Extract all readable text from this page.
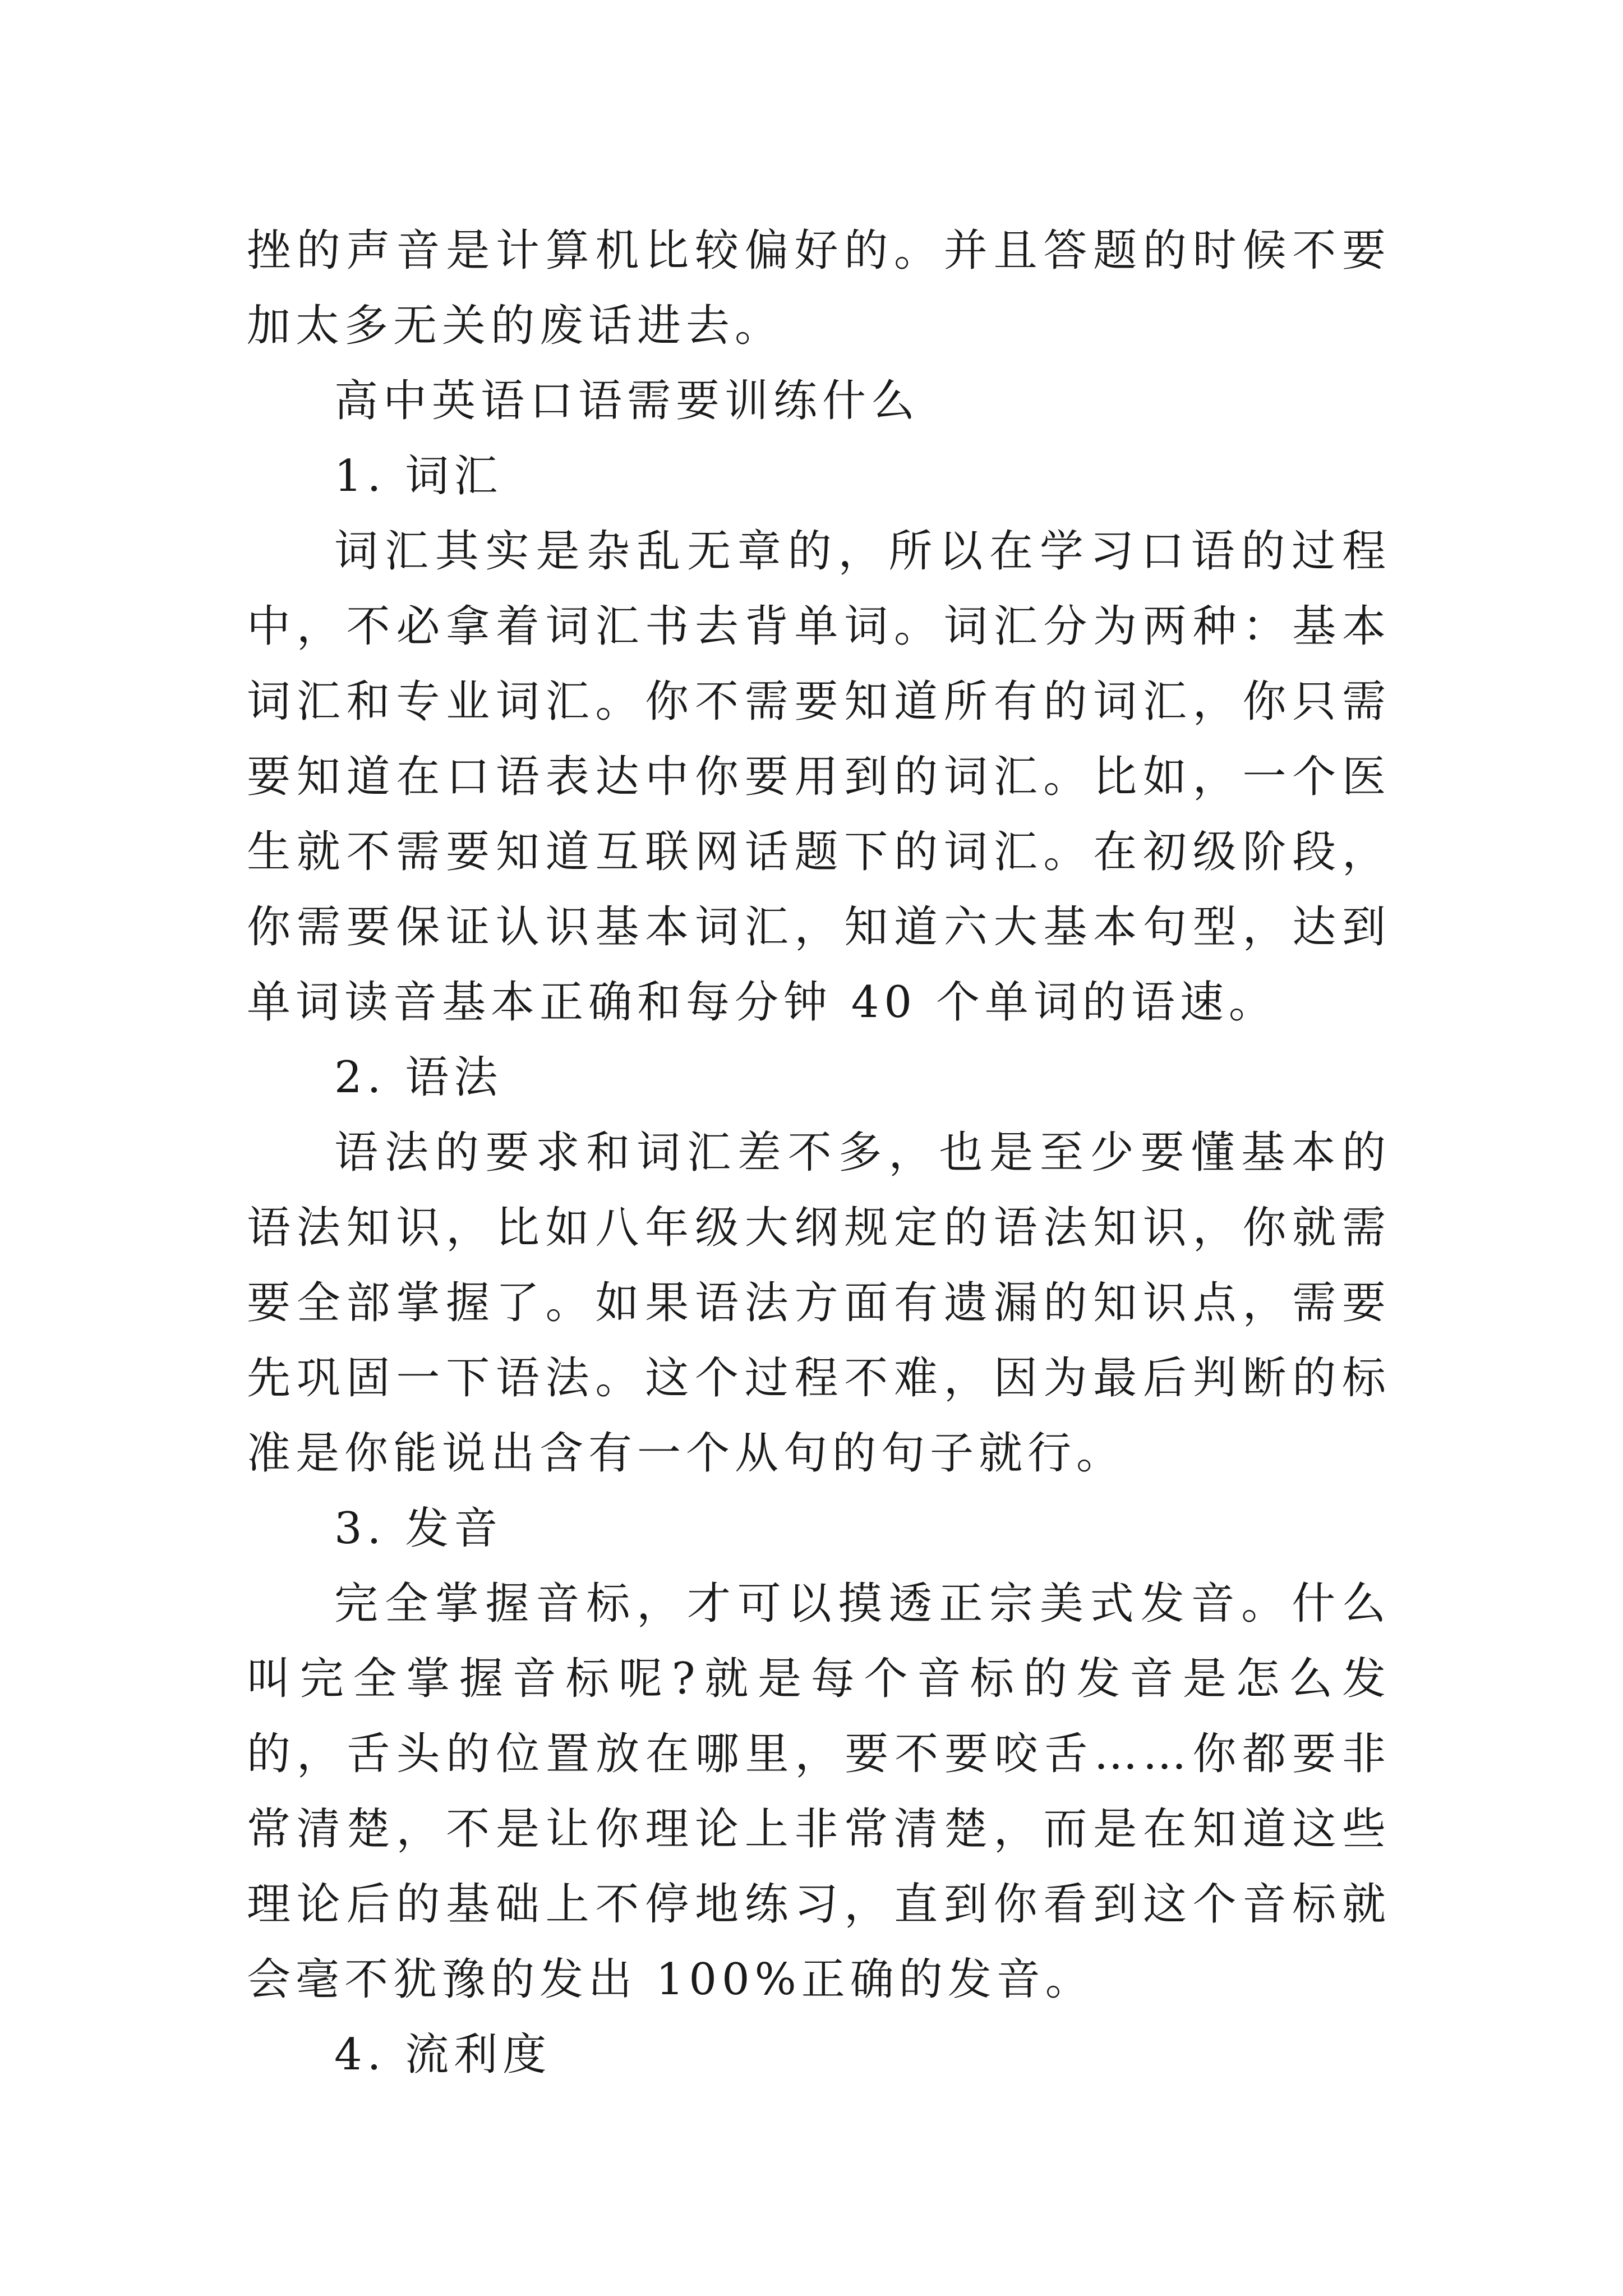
挫的声音是计算机比较偏好的。并且答题的时候不要加太多无关的废话进去。

高中英语口语需要训练什么

1. 词汇

词汇其实是杂乱无章的，所以在学习口语的过程中，不必拿着词汇书去背单词。词汇分为两种：基本词汇和专业词汇。你不需要知道所有的词汇，你只需要知道在口语表达中你要用到的词汇。比如，一个医生就不需要知道互联网话题下的词汇。在初级阶段，你需要保证认识基本词汇，知道六大基本句型，达到单词读音基本正确和每分钟 40 个单词的语速。

2. 语法

语法的要求和词汇差不多，也是至少要懂基本的语法知识，比如八年级大纲规定的语法知识，你就需要全部掌握了。如果语法方面有遗漏的知识点，需要先巩固一下语法。这个过程不难，因为最后判断的标准是你能说出含有一个从句的句子就行。

3. 发音

完全掌握音标，才可以摸透正宗美式发音。什么叫完全掌握音标呢?就是每个音标的发音是怎么发的，舌头的位置放在哪里，要不要咬舌……你都要非常清楚，不是让你理论上非常清楚，而是在知道这些理论后的基础上不停地练习，直到你看到这个音标就会毫不犹豫的发出 100%正确的发音。

4. 流利度
